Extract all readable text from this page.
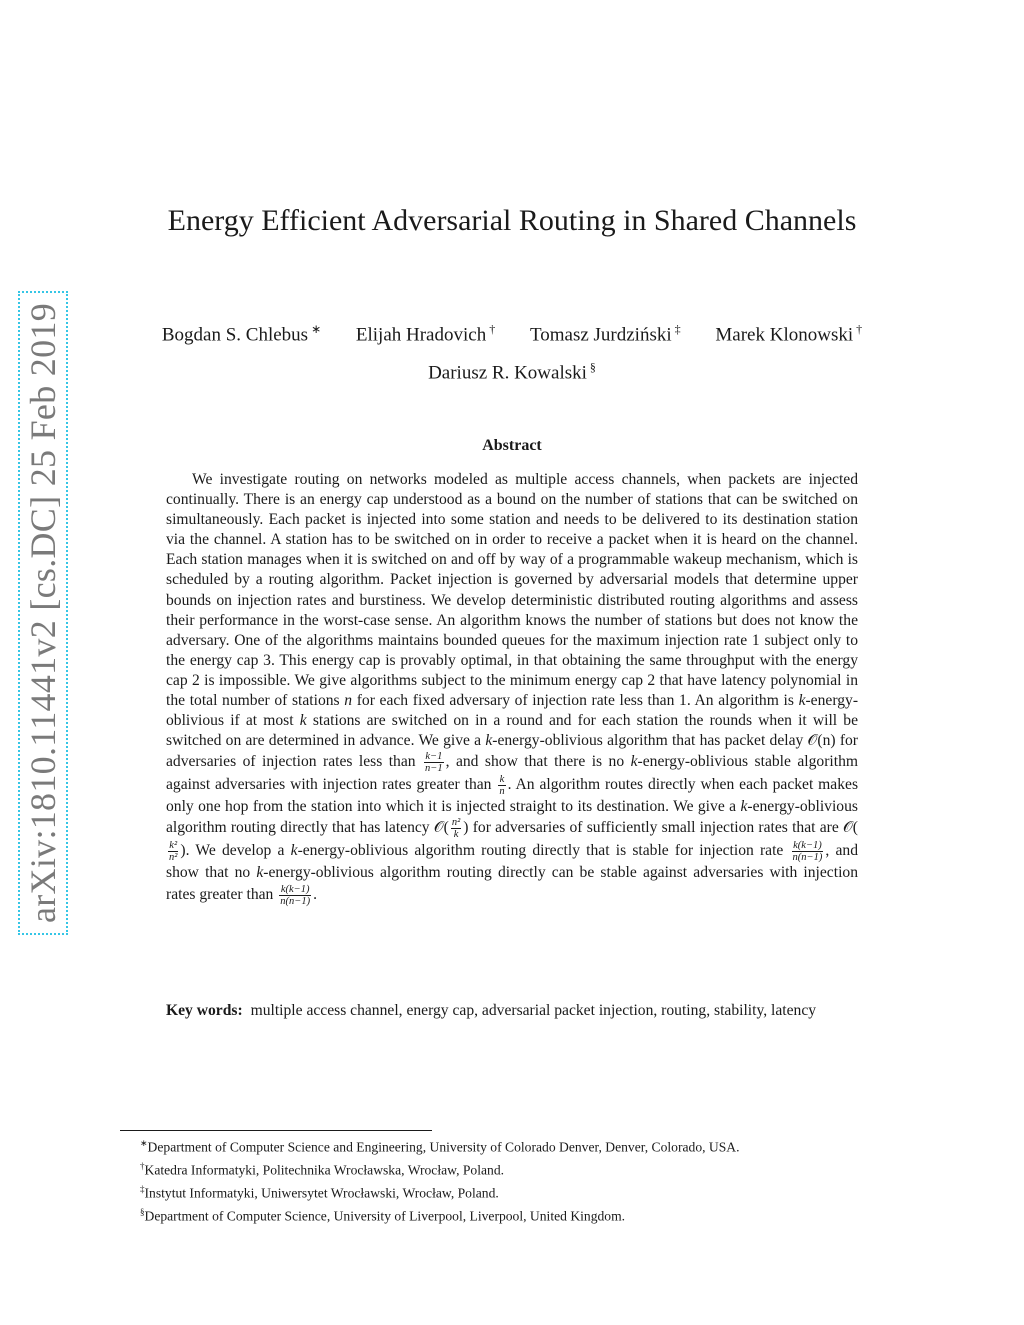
arXiv:1810.11441v2 [cs.DC] 25 Feb 2019
Energy Efficient Adversarial Routing in Shared Channels
Bogdan S. Chlebus ∗ Elijah Hradovich † Tomasz Jurdziński ‡ Marek Klonowski †
Dariusz R. Kowalski §
Abstract
We investigate routing on networks modeled as multiple access channels, when packets are injected continually. There is an energy cap understood as a bound on the number of stations that can be switched on simultaneously. Each packet is injected into some station and needs to be delivered to its destination station via the channel. A station has to be switched on in order to receive a packet when it is heard on the channel. Each station manages when it is switched on and off by way of a programmable wakeup mechanism, which is scheduled by a routing algorithm. Packet injection is governed by adversarial models that determine upper bounds on injection rates and burstiness. We develop deterministic distributed routing algorithms and assess their performance in the worst-case sense. An algorithm knows the number of stations but does not know the adversary. One of the algorithms maintains bounded queues for the maximum injection rate 1 subject only to the energy cap 3. This energy cap is provably optimal, in that obtaining the same throughput with the energy cap 2 is impossible. We give algorithms subject to the minimum energy cap 2 that have latency polynomial in the total number of stations n for each fixed adversary of injection rate less than 1. An algorithm is k-energy-oblivious if at most k stations are switched on in a round and for each station the rounds when it will be switched on are determined in advance. We give a k-energy-oblivious algorithm that has packet delay 𝒪(n) for adversaries of injection rates less than $\frac{k-1}{n-1}$ , and show that there is no k-energy-oblivious stable algorithm against adversaries with injection rates greater than $\frac{k}{n}$ . An algorithm routes directly when each packet makes only one hop from the station into which it is injected straight to its destination. We give a k-energy-oblivious algorithm routing directly that has latency 𝒪( $\frac{\text{n²}}{k}$ ) for adversaries of sufficiently small injection rates that are 𝒪(
$\frac{\text{k²}}{\text{n²}}$ ). We develop a k-energy-oblivious algorithm routing directly that is stable for injection rate $\frac{k(k-1)}{n(n-1)}$ , and show that no k-energy-oblivious algorithm routing directly can be stable against adversaries with injection rates greater than $\frac{k(k-1)}{n(n-1)}$ .
Key words: multiple access channel, energy cap, adversarial packet injection, routing, stability, latency
∗Department of Computer Science and Engineering, University of Colorado Denver, Denver, Colorado, USA.
†Katedra Informatyki, Politechnika Wrocławska, Wrocław, Poland.
‡Instytut Informatyki, Uniwersytet Wrocławski, Wrocław, Poland.
§Department of Computer Science, University of Liverpool, Liverpool, United Kingdom.
